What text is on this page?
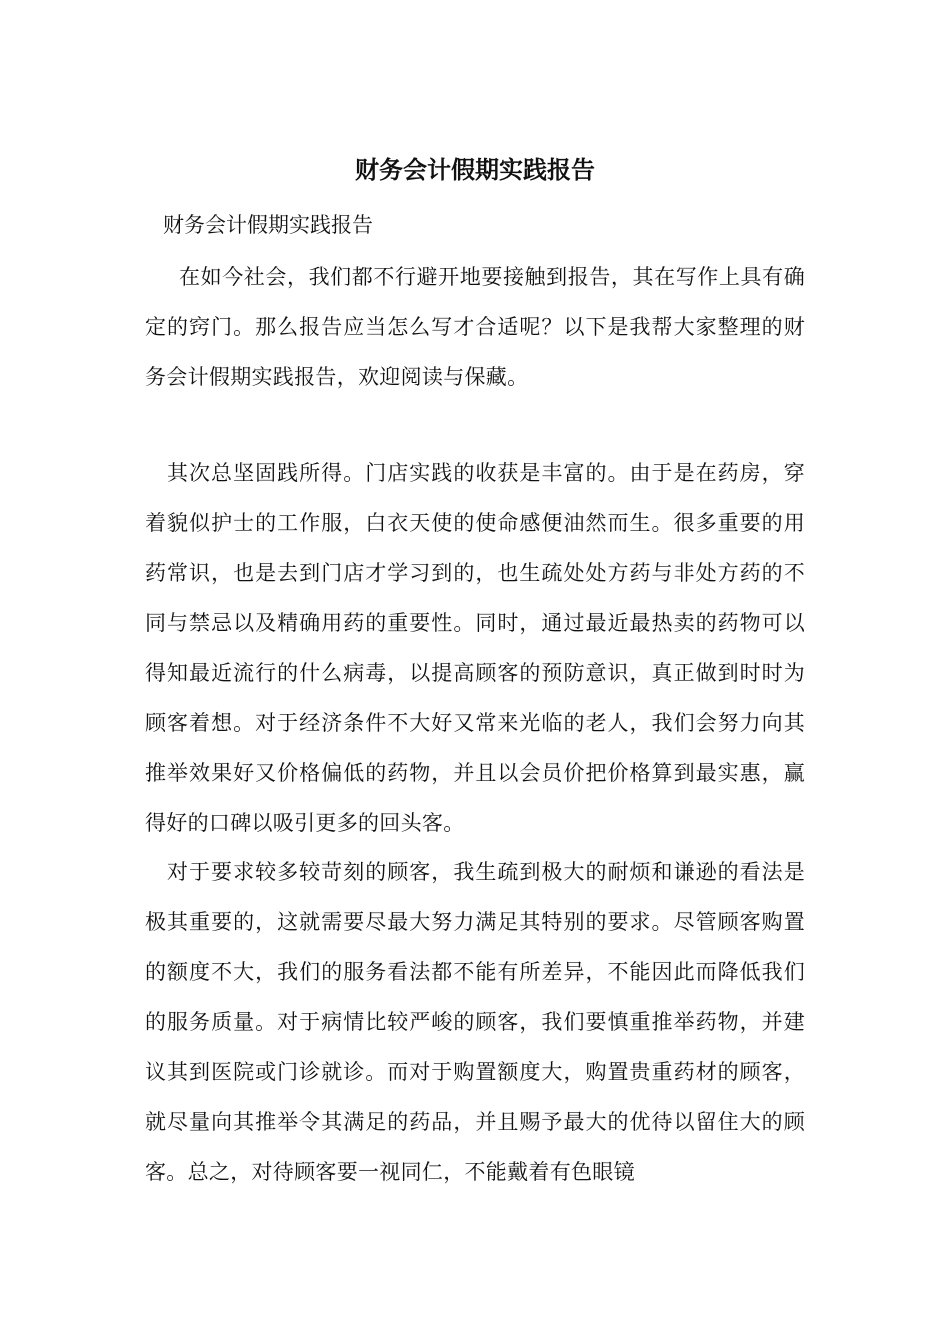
财务会计假期实践报告

财务会计假期实践报告

在如今社会，我们都不行避开地要接触到报告，其在写作上具有确定的窍门。那么报告应当怎么写才合适呢？以下是我帮大家整理的财务会计假期实践报告，欢迎阅读与保藏。

其次总坚固践所得。门店实践的收获是丰富的。由于是在药房，穿着貌似护士的工作服，白衣天使的使命感便油然而生。很多重要的用药常识，也是去到门店才学习到的，也生疏处处方药与非处方药的不同与禁忌以及精确用药的重要性。同时，通过最近最热卖的药物可以得知最近流行的什么病毒，以提高顾客的预防意识，真正做到时时为顾客着想。对于经济条件不大好又常来光临的老人，我们会努力向其推举效果好又价格偏低的药物，并且以会员价把价格算到最实惠，赢得好的口碑以吸引更多的回头客。

对于要求较多较苛刻的顾客，我生疏到极大的耐烦和谦逊的看法是极其重要的，这就需要尽最大努力满足其特别的要求。尽管顾客购置的额度不大，我们的服务看法都不能有所差异，不能因此而降低我们的服务质量。对于病情比较严峻的顾客，我们要慎重推举药物，并建议其到医院或门诊就诊。而对于购置额度大，购置贵重药材的顾客，就尽量向其推举令其满足的药品，并且赐予最大的优待以留住大的顾客。总之，对待顾客要一视同仁，不能戴着有色眼镜
